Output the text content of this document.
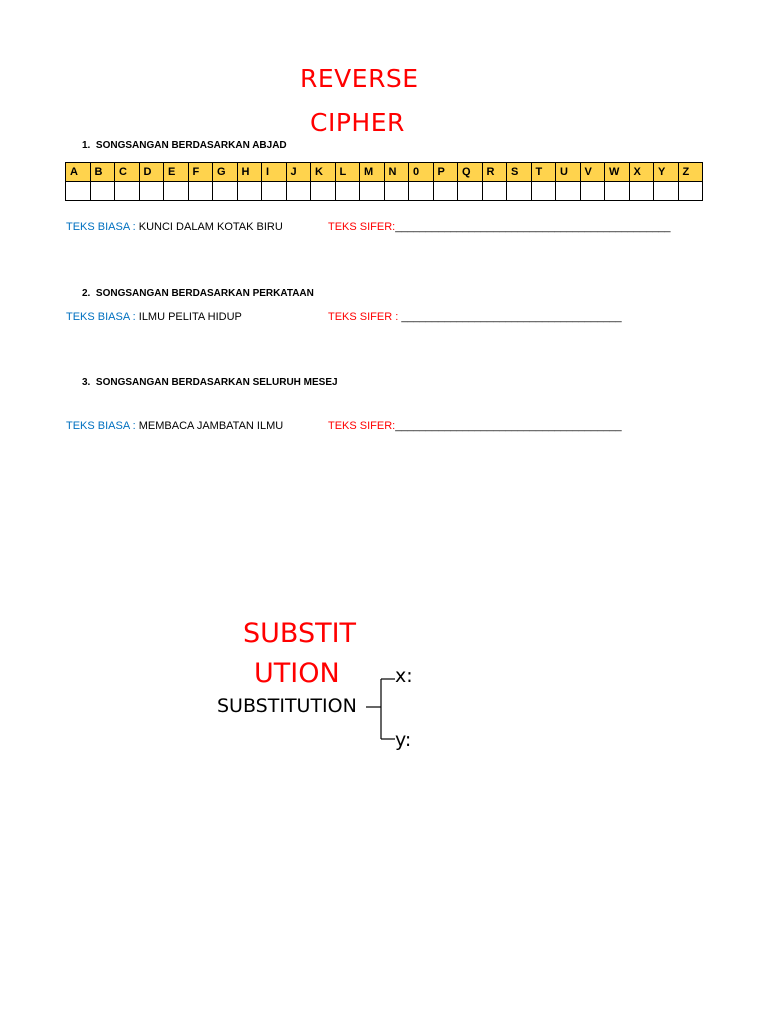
REVERSE
CIPHER
1.  SONGSANGAN BERDASARKAN ABJAD
A	B	C	D	E	F	G	H	I	J	K	L	M	N	0	P	Q	R	S	T	U	V	W	X	Y	Z

TEKS BIASA : KUNCI DALAM KOTAK BIRU	TEKS SIFER:_____________________________________________
2.  SONGSANGAN BERDASARKAN PERKATAAN
TEKS BIASA : ILMU PELITA HIDUP	TEKS SIFER : ____________________________________
3.  SONGSANGAN BERDASARKAN SELURUH MESEJ
TEKS BIASA : MEMBACA JAMBATAN ILMU	TEKS SIFER:_____________________________________
SUBSTIT
UTION
SUBSTITUTION
x:
y:
